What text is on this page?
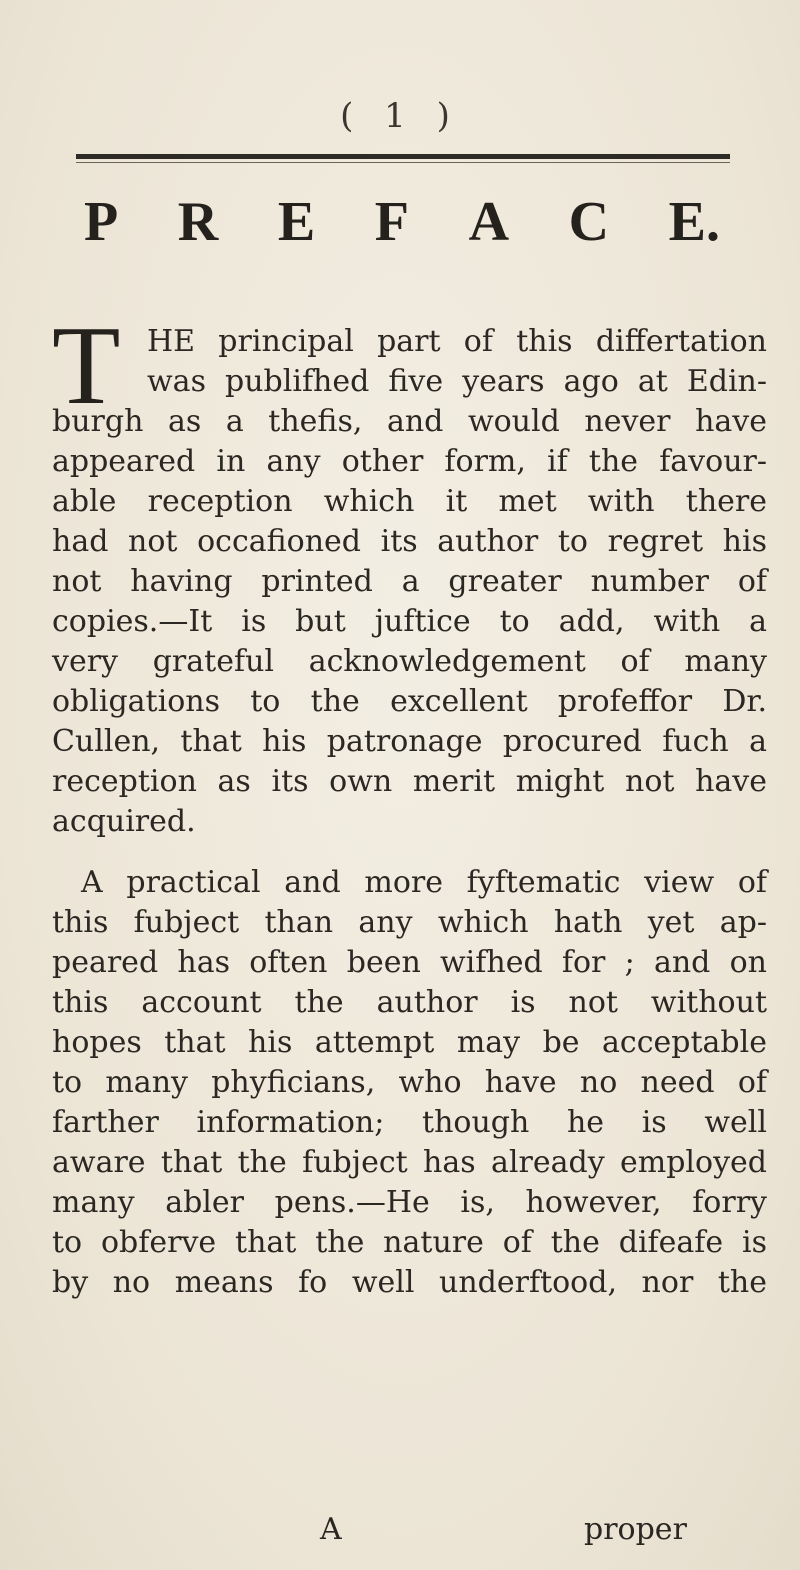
( 1 )
P R E F A C E.
T HE principal part of this differtation
was publifhed five years ago at Edin-
burgh as a thefis, and would never have
appeared in any other form, if the favour-
able reception which it met with there
had not occafioned its author to regret his
not having printed a greater number of
copies.—It is but juftice to add, with a
very grateful acknowledgement of many
obligations to the excellent profeffor Dr.
Cullen, that his patronage procured fuch a
reception as its own merit might not have
acquired.
A practical and more fyftematic view of
this fubject than any which hath yet ap-
peared has often been wifhed for ; and on
this account the author is not without
hopes that his attempt may be acceptable
to many phyficians, who have no need of
farther information; though he is well
aware that the fubject has already employed
many abler pens.—He is, however, forry
to obferve that the nature of the difeafe is
by no means fo well underftood, nor the
A	proper
